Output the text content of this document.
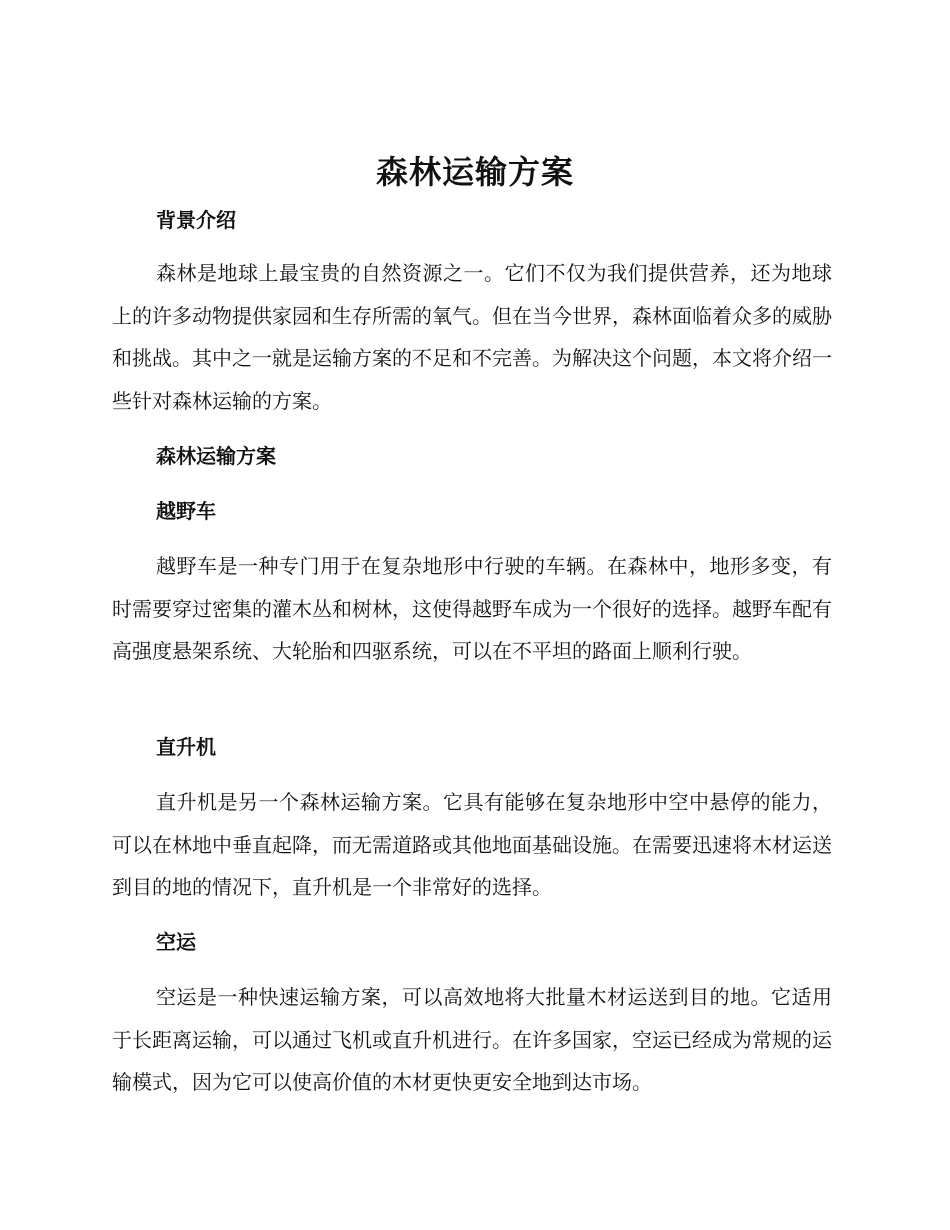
森林运输方案
背景介绍

森林是地球上最宝贵的自然资源之一。它们不仅为我们提供营养，还为地球上的许多动物提供家园和生存所需的氧气。但在当今世界，森林面临着众多的威胁和挑战。其中之一就是运输方案的不足和不完善。为解决这个问题，本文将介绍一些针对森林运输的方案。

森林运输方案
越野车

越野车是一种专门用于在复杂地形中行驶的车辆。在森林中，地形多变，有时需要穿过密集的灌木丛和树林，这使得越野车成为一个很好的选择。越野车配有高强度悬架系统、大轮胎和四驱系统，可以在不平坦的路面上顺利行驶。

直升机

直升机是另一个森林运输方案。它具有能够在复杂地形中空中悬停的能力，可以在林地中垂直起降，而无需道路或其他地面基础设施。在需要迅速将木材运送到目的地的情况下，直升机是一个非常好的选择。

空运

空运是一种快速运输方案，可以高效地将大批量木材运送到目的地。它适用于长距离运输，可以通过飞机或直升机进行。在许多国家，空运已经成为常规的运输模式，因为它可以使高价值的木材更快更安全地到达市场。
